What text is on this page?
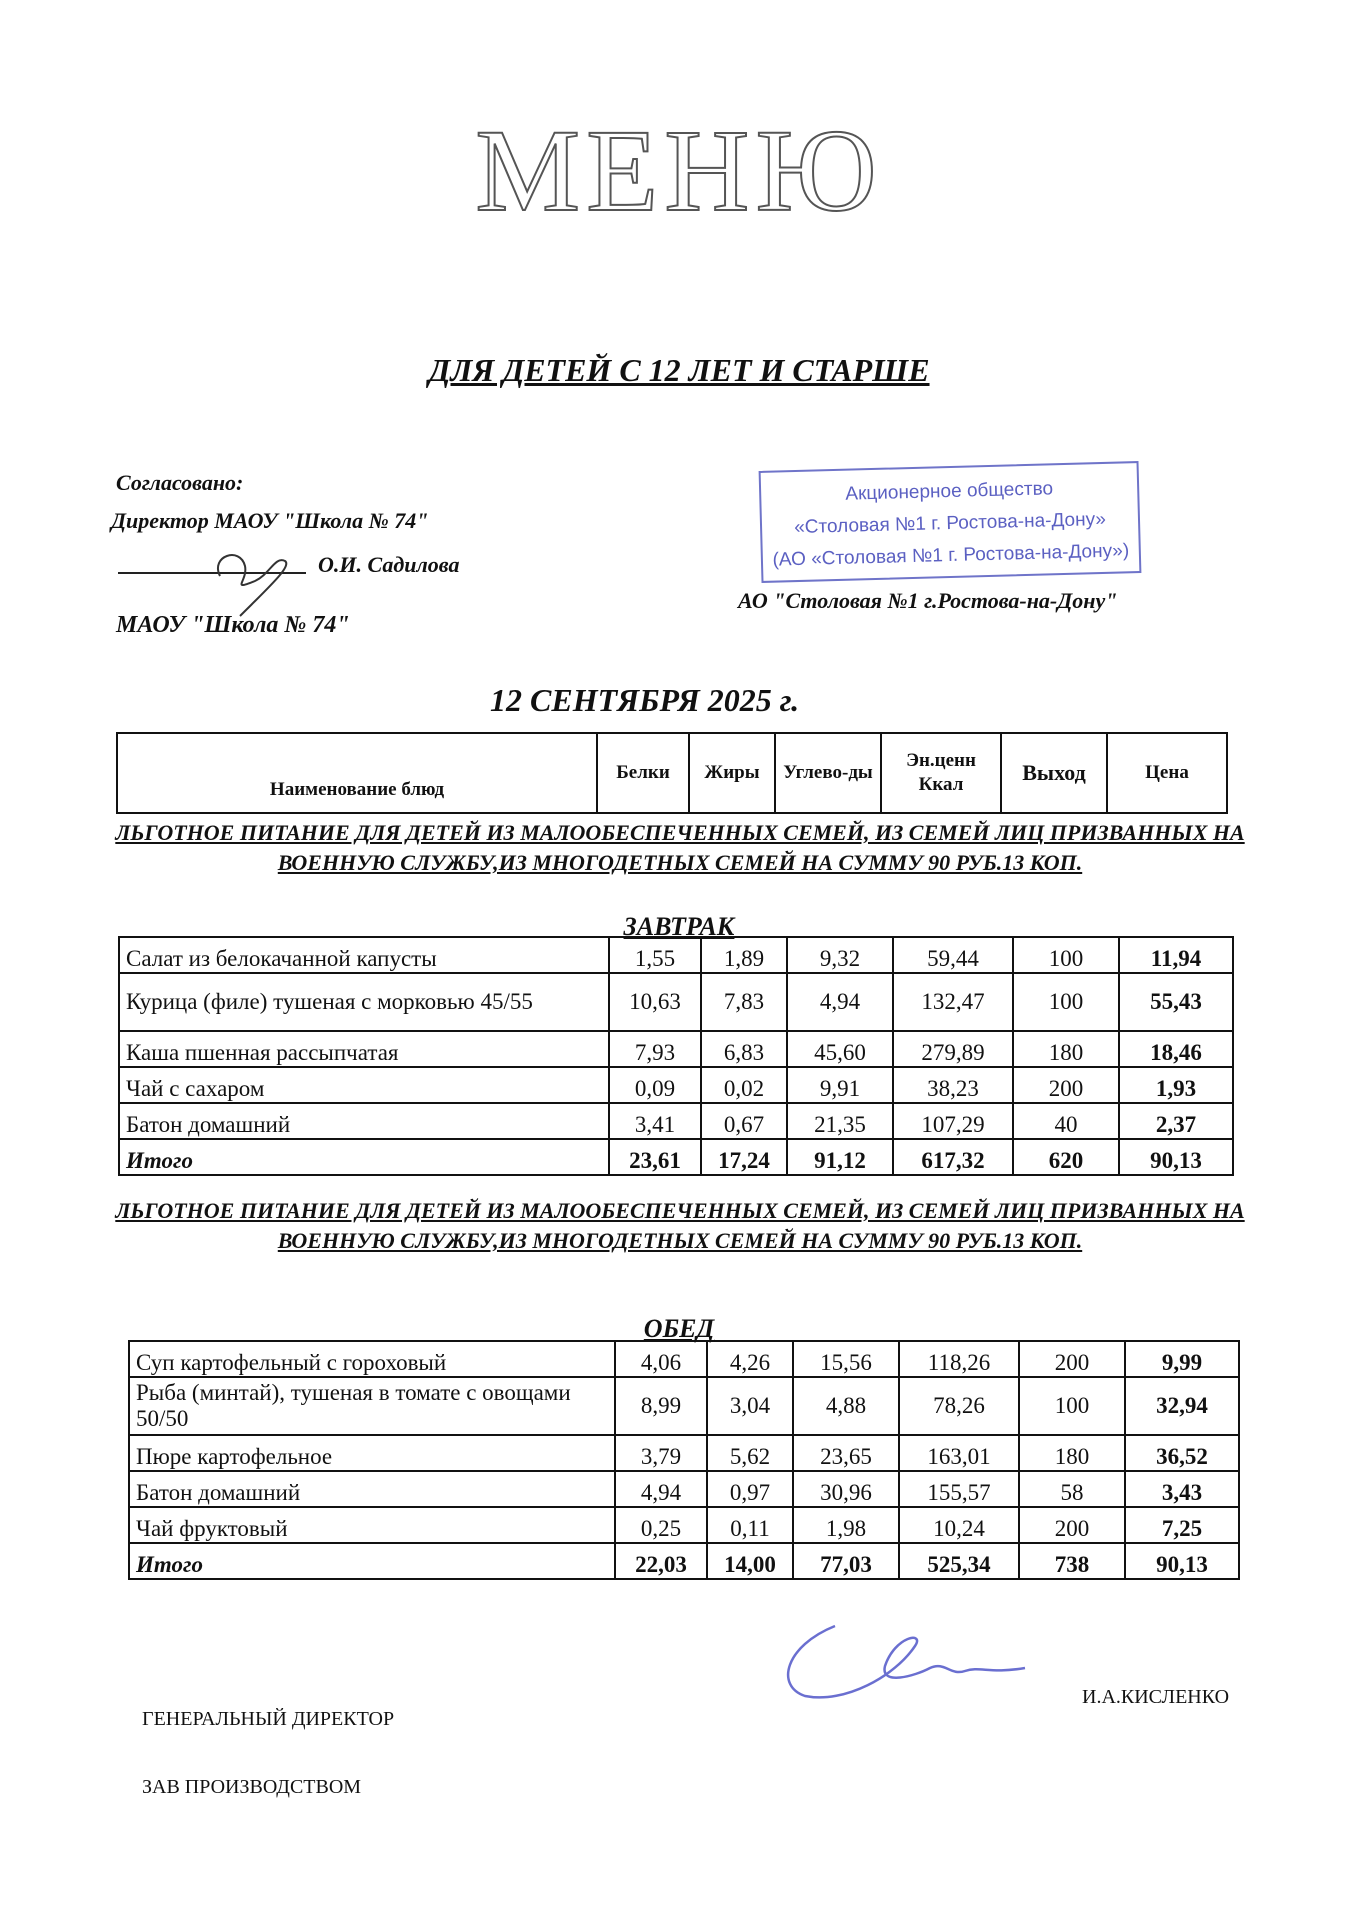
МЕНЮ
ДЛЯ ДЕТЕЙ С 12 ЛЕТ И СТАРШЕ
Согласовано:
Директор МАОУ "Школа № 74"
О.И. Садилова
МАОУ "Школа № 74"
Акционерное общество
«Столовая №1 г. Ростова-на-Дону»
(АО «Столовая №1 г. Ростова-на-Дону»)
АО "Столовая №1 г.Ростова-на-Дону"
12 СЕНТЯБРЯ 2025 г.
Наименование блюд	Белки	Жиры	Углево-ды	Эн.ценн Ккал	Выход	Цена
ЛЬГОТНОЕ ПИТАНИЕ ДЛЯ ДЕТЕЙ ИЗ МАЛООБЕСПЕЧЕННЫХ СЕМЕЙ, ИЗ СЕМЕЙ ЛИЦ ПРИЗВАННЫХ НА ВОЕННУЮ СЛУЖБУ,ИЗ МНОГОДЕТНЫХ СЕМЕЙ НА СУММУ 90 РУБ.13 КОП.
ЗАВТРАК
Салат из белокачанной капусты	1,55	1,89	9,32	59,44	100	11,94
Курица (филе) тушеная с морковью 45/55	10,63	7,83	4,94	132,47	100	55,43
Каша пшенная рассыпчатая	7,93	6,83	45,60	279,89	180	18,46
Чай с сахаром	0,09	0,02	9,91	38,23	200	1,93
Батон домашний	3,41	0,67	21,35	107,29	40	2,37
Итого	23,61	17,24	91,12	617,32	620	90,13
ЛЬГОТНОЕ ПИТАНИЕ ДЛЯ ДЕТЕЙ ИЗ МАЛООБЕСПЕЧЕННЫХ СЕМЕЙ, ИЗ СЕМЕЙ ЛИЦ ПРИЗВАННЫХ НА ВОЕННУЮ СЛУЖБУ,ИЗ МНОГОДЕТНЫХ СЕМЕЙ НА СУММУ 90 РУБ.13 КОП.
ОБЕД
Суп картофельный с гороховый	4,06	4,26	15,56	118,26	200	9,99
Рыба (минтай), тушеная в томате с овощами 50/50	8,99	3,04	4,88	78,26	100	32,94
Пюре картофельное	3,79	5,62	23,65	163,01	180	36,52
Батон домашний	4,94	0,97	30,96	155,57	58	3,43
Чай фруктовый	0,25	0,11	1,98	10,24	200	7,25
Итого	22,03	14,00	77,03	525,34	738	90,13
ГЕНЕРАЛЬНЫЙ ДИРЕКТОР
И.А.КИСЛЕНКО
ЗАВ ПРОИЗВОДСТВОМ
